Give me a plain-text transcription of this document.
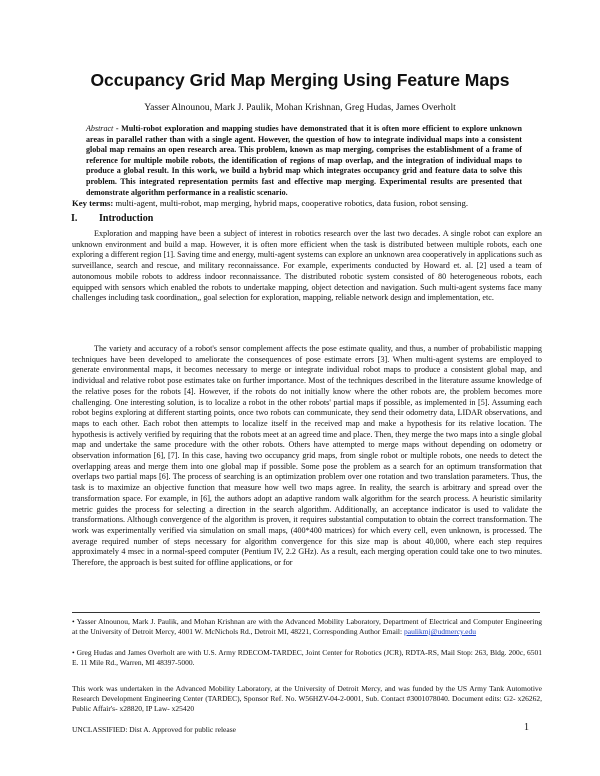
Occupancy Grid Map Merging Using Feature Maps
Yasser Alnounou, Mark J. Paulik, Mohan Krishnan, Greg Hudas, James Overholt
Abstract - Multi-robot exploration and mapping studies have demonstrated that it is often more efficient to explore unknown areas in parallel rather than with a single agent. However, the question of how to integrate individual maps into a consistent global map remains an open research area. This problem, known as map merging, comprises the establishment of a frame of reference for multiple mobile robots, the identification of regions of map overlap, and the integration of individual maps to produce a global result. In this work, we build a hybrid map which integrates occupancy grid and feature data to solve this problem. This integrated representation permits fast and effective map merging. Experimental results are presented that demonstrate algorithm performance in a realistic scenario.
Key terms: multi-agent, multi-robot, map merging, hybrid maps, cooperative robotics, data fusion, robot sensing.
I. Introduction

Exploration and mapping have been a subject of interest in robotics research over the last two decades. A single robot can explore an unknown environment and build a map. However, it is often more efficient when the task is distributed between multiple robots, each one exploring a different region [1]. Saving time and energy, multi-agent systems can explore an unknown area cooperatively in applications such as surveillance, search and rescue, and military reconnaissance. For example, experiments conducted by Howard et. al. [2] used a team of autonomous mobile robots to address indoor reconnaissance. The distributed robotic system consisted of 80 heterogeneous robots, each equipped with sensors which enabled the robots to undertake mapping, object detection and navigation. Such multi-agent systems face many challenges including task coordination,, goal selection for exploration, mapping, reliable network design and implementation, etc.

The variety and accuracy of a robot's sensor complement affects the pose estimate quality, and thus, a number of probabilistic mapping techniques have been developed to ameliorate the consequences of pose estimate errors [3]. When multi-agent systems are employed to generate environmental maps, it becomes necessary to merge or integrate individual robot maps to produce a consistent global map, and individual and relative robot pose estimates take on further importance. Most of the techniques described in the literature assume knowledge of the relative poses for the robots [4]. However, if the robots do not initially know where the other robots are, the problem becomes more challenging. One interesting solution, is to localize a robot in the other robots' partial maps if possible, as implemented in [5]. Assuming each robot begins exploring at different starting points, once two robots can communicate, they send their odometry data, LIDAR observations, and maps to each other. Each robot then attempts to localize itself in the received map and make a hypothesis for its relative location. The hypothesis is actively verified by requiring that the robots meet at an agreed time and place. Then, they merge the two maps into a single global map and undertake the same procedure with the other robots. Others have attempted to merge maps without depending on odometry or observation information [6], [7]. In this case, having two occupancy grid maps, from single robot or multiple robots, one needs to detect the overlapping areas and merge them into one global map if possible. Some pose the problem as a search for an optimum transformation that overlaps two partial maps [6]. The process of searching is an optimization problem over one rotation and two translation parameters. Thus, the task is to maximize an objective function that measure how well two maps agree. In reality, the search is arbitrary and spread over the transformation space. For example, in [6], the authors adopt an adaptive random walk algorithm for the search process. A heuristic similarity metric guides the process for selecting a direction in the search algorithm. Additionally, an acceptance indicator is used to validate the transformations. Although convergence of the algorithm is proven, it requires substantial computation to obtain the correct transformation. The work was experimentally verified via simulation on small maps, (400*400 matrices) for which every cell, even unknown, is processed. The average required number of steps necessary for algorithm convergence for this size map is about 40,000, where each step requires approximately 4 msec in a normal-speed computer (Pentium IV, 2.2 GHz). As a result, each merging operation could take one to two minutes. Therefore, the approach is best suited for offline applications, or for

• Yasser Alnounou, Mark J. Paulik, and Mohan Krishnan are with the Advanced Mobility Laboratory, Department of Electrical and Computer Engineering at the University of Detroit Mercy, 4001 W. McNichols Rd., Detroit MI, 48221, Corresponding Author Email: paulikmj@udmercy.edu
• Greg Hudas and James Overholt are with U.S. Army RDECOM-TARDEC, Joint Center for Robotics (JCR), RDTA-RS, Mail Stop: 263, Bldg. 200c, 6501 E. 11 Mile Rd., Warren, MI 48397-5000.
This work was undertaken in the Advanced Mobility Laboratory, at the University of Detroit Mercy, and was funded by the US Army Tank Automotive Research Development Engineering Center (TARDEC), Sponsor Ref. No. W56HZV-04-2-0001, Sub. Contact #3001078040. Document edits: G2- x26262, Public Affair's- x28820, IP Law- x25420
UNCLASSIFIED: Dist A. Approved for public release	1
